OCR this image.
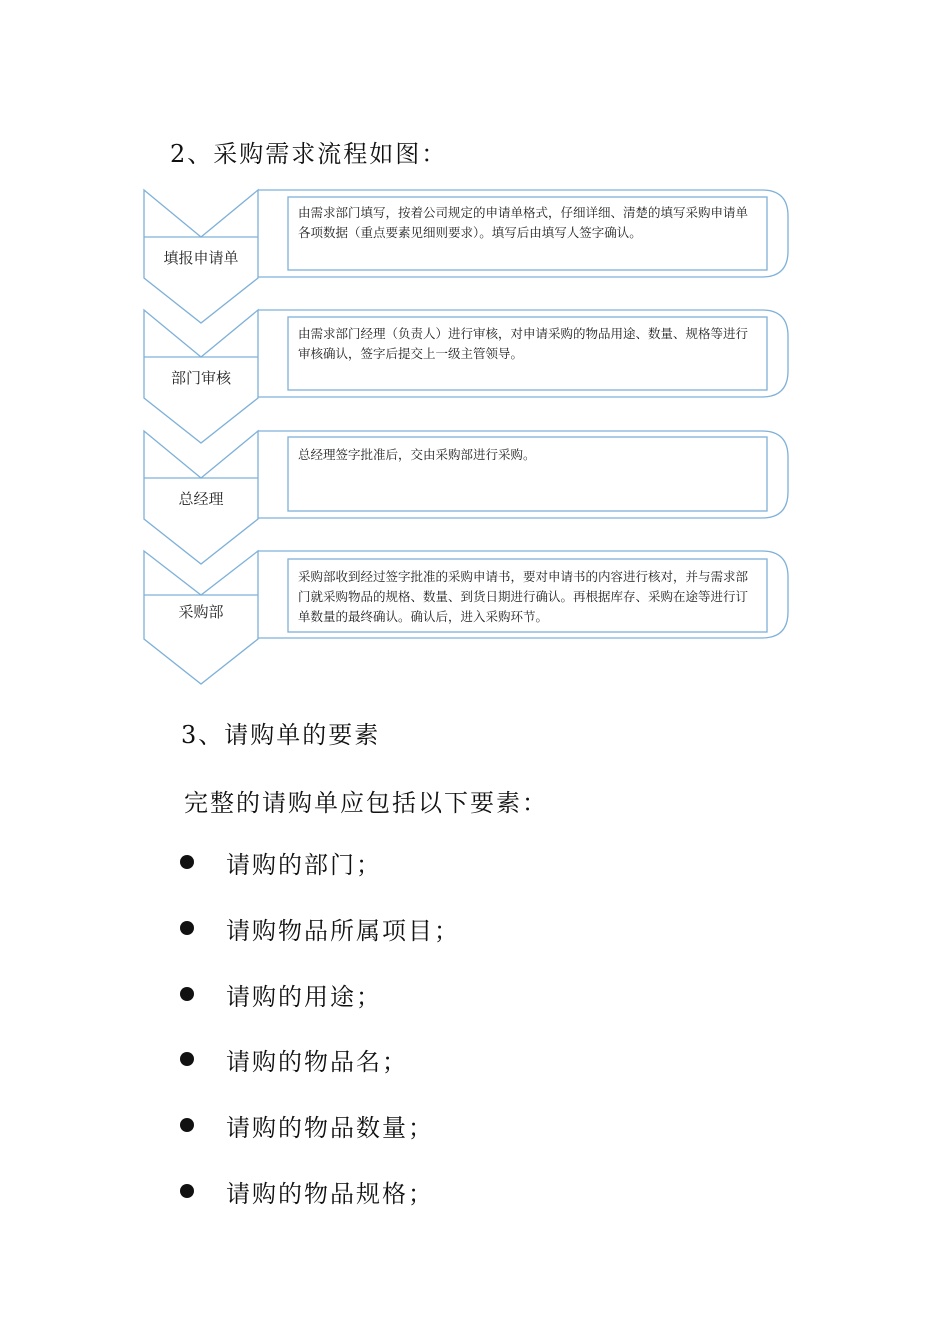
2、采购需求流程如图：
填报申请单
部门审核
总经理
采购部
由需求部门填写，按着公司规定的申请单格式，仔细详细、清楚的填写采购申请单各项数据（重点要素见细则要求）。填写后由填写人签字确认。
由需求部门经理（负责人）进行审核，对申请采购的物品用途、数量、规格等进行审核确认，签字后提交上一级主管领导。
总经理签字批准后，交由采购部进行采购。
采购部收到经过签字批准的采购申请书，要对申请书的内容进行核对，并与需求部门就采购物品的规格、数量、到货日期进行确认。再根据库存、采购在途等进行订单数量的最终确认。确认后，进入采购环节。
3、请购单的要素
完整的请购单应包括以下要素：
请购的部门；
请购物品所属项目；
请购的用途；
请购的物品名；
请购的物品数量；
请购的物品规格；
